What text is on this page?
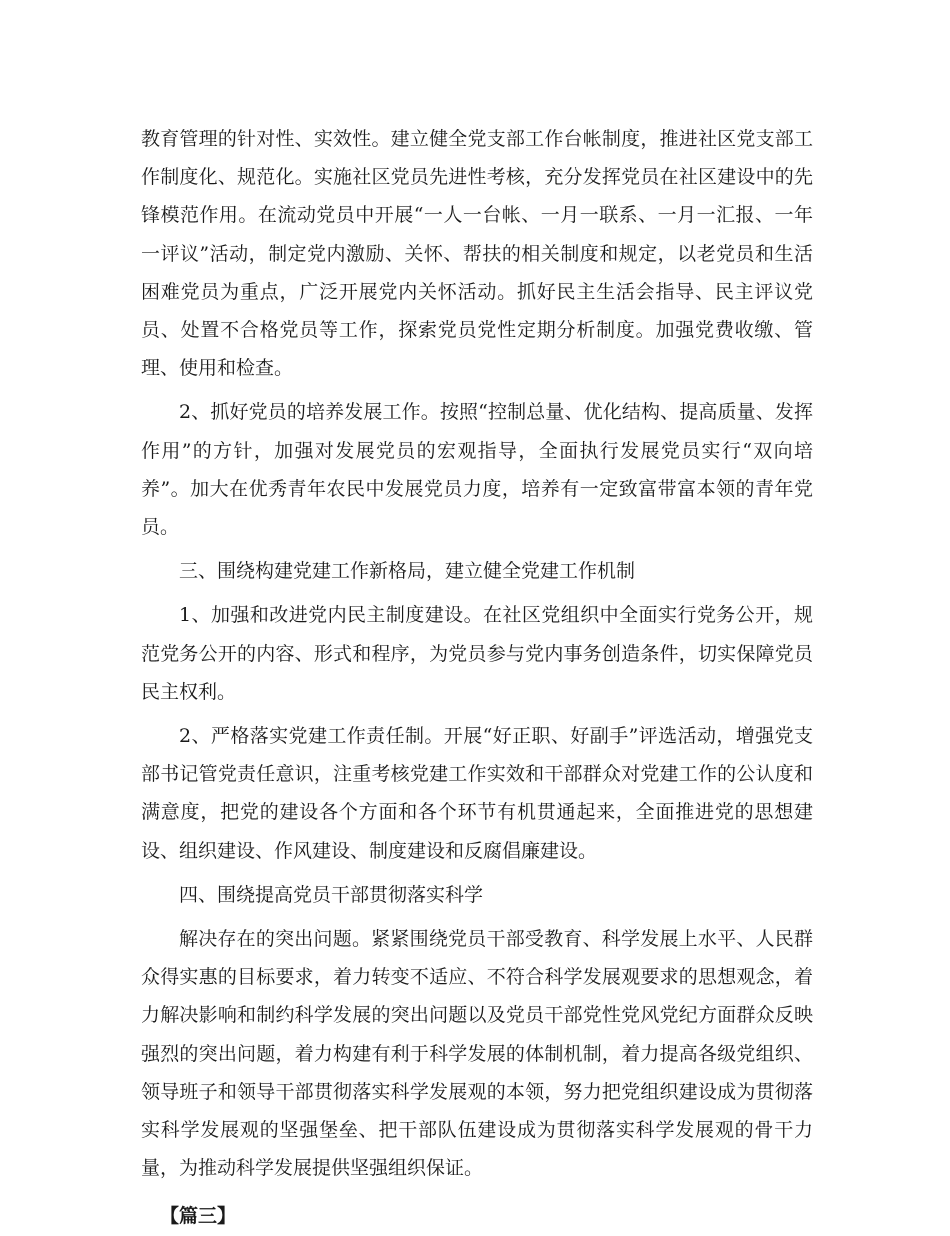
教育管理的针对性、实效性。建立健全党支部工作台帐制度，推进社区党支部工作制度化、规范化。实施社区党员先进性考核，充分发挥党员在社区建设中的先锋模范作用。在流动党员中开展“一人一台帐、一月一联系、一月一汇报、一年一评议”活动，制定党内激励、关怀、帮扶的相关制度和规定，以老党员和生活困难党员为重点，广泛开展党内关怀活动。抓好民主生活会指导、民主评议党员、处置不合格党员等工作，探索党员党性定期分析制度。加强党费收缴、管理、使用和检查。

2、抓好党员的培养发展工作。按照“控制总量、优化结构、提高质量、发挥作用”的方针，加强对发展党员的宏观指导，全面执行发展党员实行“双向培养”。加大在优秀青年农民中发展党员力度，培养有一定致富带富本领的青年党员。

三、围绕构建党建工作新格局，建立健全党建工作机制

1、加强和改进党内民主制度建设。在社区党组织中全面实行党务公开，规范党务公开的内容、形式和程序，为党员参与党内事务创造条件，切实保障党员民主权利。

2、严格落实党建工作责任制。开展“好正职、好副手”评选活动，增强党支部书记管党责任意识，注重考核党建工作实效和干部群众对党建工作的公认度和满意度，把党的建设各个方面和各个环节有机贯通起来，全面推进党的思想建设、组织建设、作风建设、制度建设和反腐倡廉建设。

四、围绕提高党员干部贯彻落实科学

解决存在的突出问题。紧紧围绕党员干部受教育、科学发展上水平、人民群众得实惠的目标要求，着力转变不适应、不符合科学发展观要求的思想观念，着力解决影响和制约科学发展的突出问题以及党员干部党性党风党纪方面群众反映强烈的突出问题，着力构建有利于科学发展的体制机制，着力提高各级党组织、领导班子和领导干部贯彻落实科学发展观的本领，努力把党组织建设成为贯彻落实科学发展观的坚强堡垒、把干部队伍建设成为贯彻落实科学发展观的骨干力量，为推动科学发展提供坚强组织保证。

【篇三】
